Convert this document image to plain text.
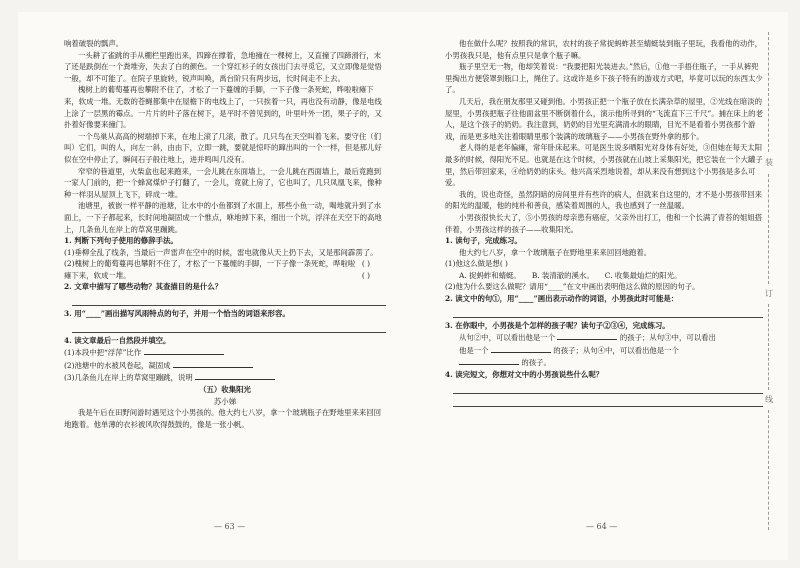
响着破裂的瓢声。

一头耕了雀跳的手从棚栏里跑出来，四蹄在撑着，急地撞在一棵树上，又直撞了四蹄滑行，末了还是跌倒在一个粪堆旁，失去了白的颜色。一个穿红衫子的女孩出门去寻觅它，又立即像是觉悟一般，却不可能了。在院子里旋转，锐声叫唤，禹台阶只有两步远，长时间走不上去。

槐树上的葡萄蔓再也攀附不住了，才松了一下蔓缠的手脚，一下子像一条死蛇，哗啦啦瘫下来，软成一堆。无数的苍蝇都集中在屋檐下的电线上了，一只挨着一只，再也没有动静，像是电线上涂了一层黑的霉点。一片片的叶子落在树下，是平时不曾见到的，叶里叶外一团，果子子的，又扑着好像要来撞门。

一个鸟巢从高高的树端掉下来，在地上滚了几滚，散了。几只鸟在天空叫着飞来。要守住（们叫）它们，叫的人，向左一斜，由由下，立即一跳，要就是惊吓的蹿出叫的一个一样，但是那儿好似在空中停止了，瞬间石子般往地上，进并鸣叫几没有。

窄窄的巷道里，火柴盒也起来跑来，一会儿跳在东面墙上，一会儿跳在西面墙上，最后竟跑到一家人门前的，把一个蜂窝煤炉子打翻了，一会儿，竟就上房了，它也叫了，几只凤凰飞来，像种种一样羽从屋顶上飞下，碎成一堆。

池塘里，被嵌一样平静的池塘，让水中的小鱼都到了水面上，那些小鱼一动，喝地就升到了水面上，一下子都起来，长时间地凝固成一个惟点，咻地掉下来，细出一个坑，浮洋在天空下的高地上，几条鱼儿在岸上的草窝里蹦跳。

1. 判断下列句子使用的修辞手法。

(1)垂柳全乱了线条，当最后一声雷声在空中的时候，雷电就像从天上扔下去，又是那间霹雳了。
( )

(2)槐树上的葡萄蔓再也攀附不住了，才松了一下蔓缠的手脚，一下子像一条死蛇，哗啦啦瘫下来，软成一堆。	( )

2. 文章中描写了哪些动物？其查描目的是什么？

3. 用“____”画出描写风雨特点的句子，并用一个恰当的词语来形容。

4. 读文章最后一自然段并填空。

(1)本段中把“浮萍”比作

(2)池塘中的水被风卷起，凝固成

(3)几条鱼儿在岸上的草窝里蹦跳，说明

（五）收集阳光

苏小娣

我是午后在田野间游时遇见这个小男孩的。他大约七八岁，拿一个玻璃瓶子在野地里来来回回地跑着。他单薄的衣衫被风吹得鼓鼓的，像是一张小帆。

他在做什么呢？按照我的常识，农村的孩子常捉蚂蚱甚至蜻蜓装到瓶子里玩，我看他的动作，小男孩我只是，他有点里只是拿个瓶子嘛。

瓶子里空无一物，他却笑着说：“我要把阳光装进去。”然后，①他一手捂住瓶子，一手从裤兜里掏出方便袋罩到瓶口上，绳住了。这或许是乡下孩子特有的游戏方式吧，毕竟可以玩的东西太少了。

几天后，我在朋友那里又碰到他。小男孩正把一个瓶子放在长满杂草的屋里，②光线在暗淡的屋里，小男孩把瓶子往他面盆里不断倒着什么，演示他所寻到的“飞流直下三千尺”。捕在床上的老人，是这个孩子的奶奶。我注意到，奶奶的目光里充满清水的眼睛，目光不是看着小男孩那个游戏，而是更多地关注着眼睛里那个装满的玻璃瓶子——小男孩在野外拿的那个。

老人得的是老年偏瘫，常年卧床起来。可是医生说多晒阳光对身体有好处，③但她在每天太阳最多的时候，得阳光不足。也就是在这个时候，小男孩就在山坡上采集阳光，把它装在一个大罐子里，然后带回家来，④给奶奶的床头。他兴高采烈地说着，却从来没有想到这个小男孩是多么可爱。

我的，说也奇怪，虽然阴暗的房间里并有些许的病人，但就来自这里的，才不是小男孩带回来的阳光的温暖，他的纯朴和善良，感染着周围的人，我也感到了一丝温暖。

小男孩很快长大了，⑤小男孩的母亲患有癌症，父亲外出打工，他和一个长满了青苔的姐姐搭伴着，小男孩这样的孩子——收集阳光。

1. 读句子，完成练习。

他大约七八岁，拿一个玻璃瓶子在野地里来来回回地跑着。

(1)他这么做是想( )

A. 捉蚂蚱和蜻蜓。　　B. 装清澈的溪水。　　C. 收集最灿烂的阳光。

(2)他为什么要这么做呢？请用“____”在文中画出表明他这么做的原因的句子。

2. 读文中的句①，用“____”画出表示动作的词语，小男孩此时可能是：

3. 在你眼中，小男孩是个怎样的孩子呢？读句子②③④，完成练习。

从句②中，可以看出他是一个	的孩子；从句③中，可以看出

他是一个	的孩子；从句④中，可以看出他是一个

的孩子。

4. 读完短文，你想对文中的小男孩说些什么呢？

— 63 —	— 64 —
装
订
线
